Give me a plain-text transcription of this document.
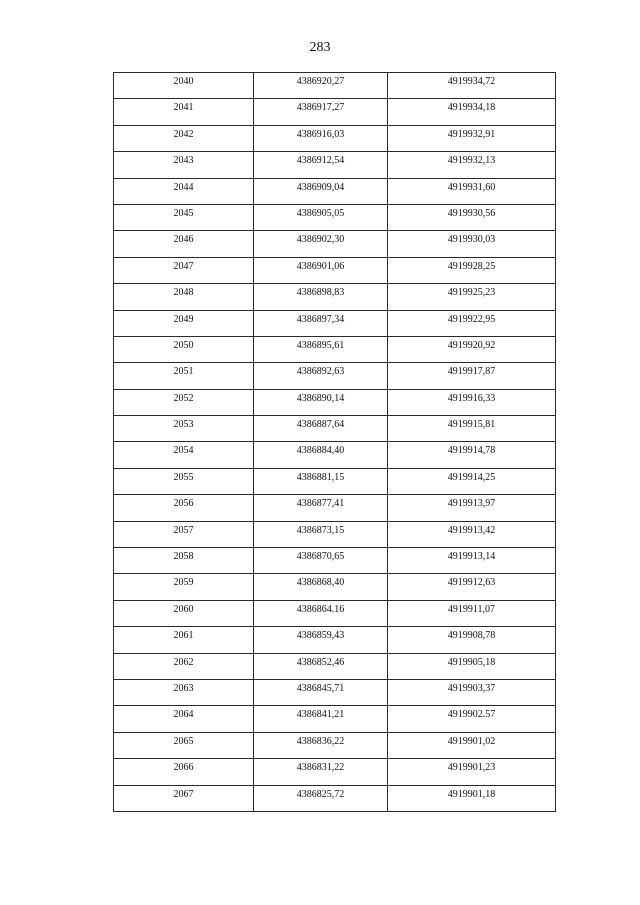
283
2040	4386920,27	4919934,72
2041	4386917,27	4919934,18
2042	4386916,03	4919932,91
2043	4386912,54	4919932,13
2044	4386909,04	4919931,60
2045	4386905,05	4919930,56
2046	4386902,30	4919930,03
2047	4386901,06	4919928,25
2048	4386898,83	4919925,23
2049	4386897,34	4919922,95
2050	4386895,61	4919920,92
2051	4386892,63	4919917,87
2052	4386890,14	4919916,33
2053	4386887,64	4919915,81
2054	4386884,40	4919914,78
2055	4386881,15	4919914,25
2056	4386877,41	4919913,97
2057	4386873,15	4919913,42
2058	4386870,65	4919913,14
2059	4386868,40	4919912,63
2060	4386864.16	4919911,07
2061	4386859,43	4919908,78
2062	4386852,46	4919905,18
2063	4386845,71	4919903,37
2064	4386841,21	4919902.57
2065	4386836,22	4919901,02
2066	4386831,22	4919901,23
2067	4386825,72	4919901,18
